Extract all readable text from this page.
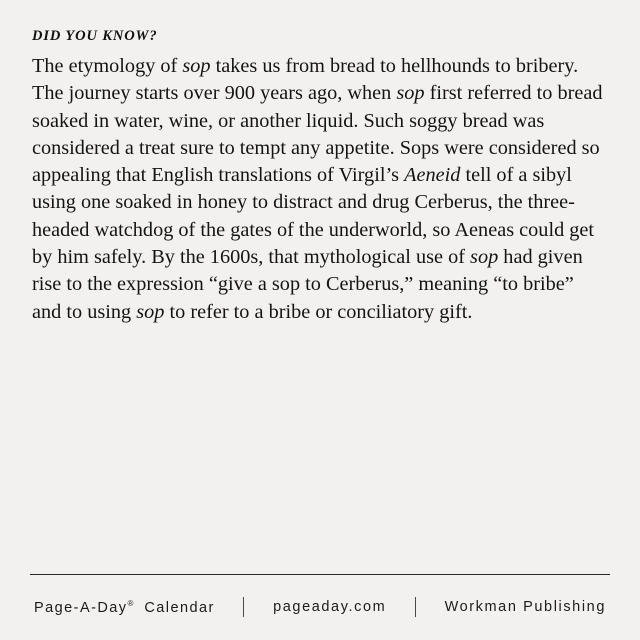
DID YOU KNOW?
The etymology of sop takes us from bread to hellhounds to bribery. The journey starts over 900 years ago, when sop first referred to bread soaked in water, wine, or another liquid. Such soggy bread was considered a treat sure to tempt any appetite. Sops were considered so appealing that English translations of Virgil’s Aeneid tell of a sibyl using one soaked in honey to distract and drug Cerberus, the three-headed watchdog of the gates of the underworld, so Aeneas could get by him safely. By the 1600s, that mythological use of sop had given rise to the expression “give a sop to Cerberus,” meaning “to bribe” and to using sop to refer to a bribe or conciliatory gift.
Page-A-Day® Calendar	pageaday.com	Workman Publishing
